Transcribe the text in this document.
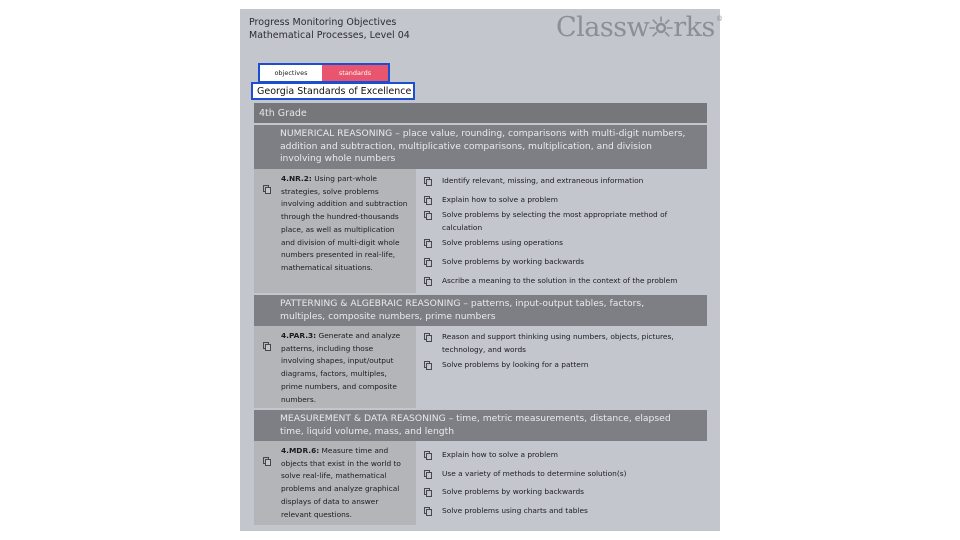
Progress Monitoring Objectives
Mathematical Processes, Level 04	Classw rks ®
objectives	standards
Georgia Standards of Excellence
4th Grade
NUMERICAL REASONING – place value, rounding, comparisons with multi-digit numbers, addition and subtraction, multiplicative comparisons, multiplication, and division involving whole numbers
4.NR.2: Using part-whole strategies, solve problems involving addition and subtraction through the hundred-thousands place, as well as multiplication and division of multi-digit whole numbers presented in real-life, mathematical situations.
Identify relevant, missing, and extraneous information
Explain how to solve a problem
Solve problems by selecting the most appropriate method of calculation
Solve problems using operations
Solve problems by working backwards
Ascribe a meaning to the solution in the context of the problem
PATTERNING & ALGEBRAIC REASONING – patterns, input-output tables, factors, multiples, composite numbers, prime numbers
4.PAR.3: Generate and analyze patterns, including those involving shapes, input/output diagrams, factors, multiples, prime numbers, and composite numbers.
Reason and support thinking using numbers, objects, pictures, technology, and words
Solve problems by looking for a pattern
MEASUREMENT & DATA REASONING – time, metric measurements, distance, elapsed time, liquid volume, mass, and length
4.MDR.6: Measure time and objects that exist in the world to solve real-life, mathematical problems and analyze graphical displays of data to answer relevant questions.
Explain how to solve a problem
Use a variety of methods to determine solution(s)
Solve problems by working backwards
Solve problems using charts and tables
